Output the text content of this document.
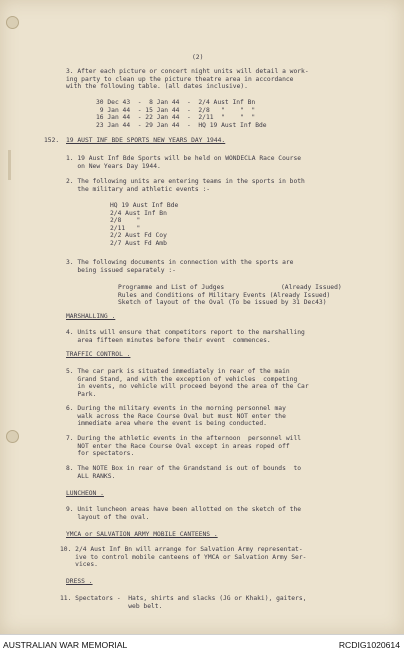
(2)
3. After each picture or concert night units will detail a work-
ing party to clean up the picture theatre area in accordance
with the following table. (all dates inclusive).
30 Dec 43  -  8 Jan 44  -  2/4 Aust Inf Bn
9 Jan 44  - 15 Jan 44  -  2/8   "    "  "
16 Jan 44  - 22 Jan 44  -  2/11  "    "  "
23 Jan 44  - 29 Jan 44  -  HQ 19 Aust Inf Bde
152. 19 AUST INF BDE SPORTS NEW YEARS DAY 1944.
1. 19 Aust Inf Bde Sports will be held on WONDECLA Race Course
on New Years Day 1944.
2. The following units are entering teams in the sports in both
the military and athletic events :-
HQ 19 Aust Inf Bde
2/4 Aust Inf Bn
2/8    "
2/11   "
2/2 Aust Fd Coy
2/7 Aust Fd Amb
3. The following documents in connection with the sports are
being issued separately :-
Programme and List of Judges               (Already Issued)
Rules and Conditions of Military Events (Already Issued)
Sketch of layout of the Oval (To be issued by 31 Dec43)
MARSHALLING .
4. Units will ensure that competitors report to the marshalling
area fifteen minutes before their event  commences.
TRAFFIC CONTROL .
5. The car park is situated immediately in rear of the main
Grand Stand, and with the exception of vehicles  competing
in events, no vehicle will proceed beyond the area of the Car
Park.
6. During the military events in the morning personnel may
walk across the Race Course Oval but must NOT enter the
immediate area where the event is being conducted.
7. During the athletic events in the afternoon  personnel will
NOT enter the Race Course Oval except in areas roped off
for spectators.
8. The NOTE Box in rear of the Grandstand is out of bounds  to
ALL RANKS.
LUNCHEON .
9. Unit luncheon areas have been allotted on the sketch of the
layout of the oval.
YMCA or SALVATION ARMY MOBILE CANTEENS .
10. 2/4 Aust Inf Bn will arrange for Salvation Army representat-
ive to control mobile canteens of YMCA or Salvation Army Ser-
vices.
DRESS .
11. Spectators -  Hats, shirts and slacks (JG or Khaki), gaiters,
web belt.
AUSTRALIAN WAR MEMORIAL	RCDIG1020614
